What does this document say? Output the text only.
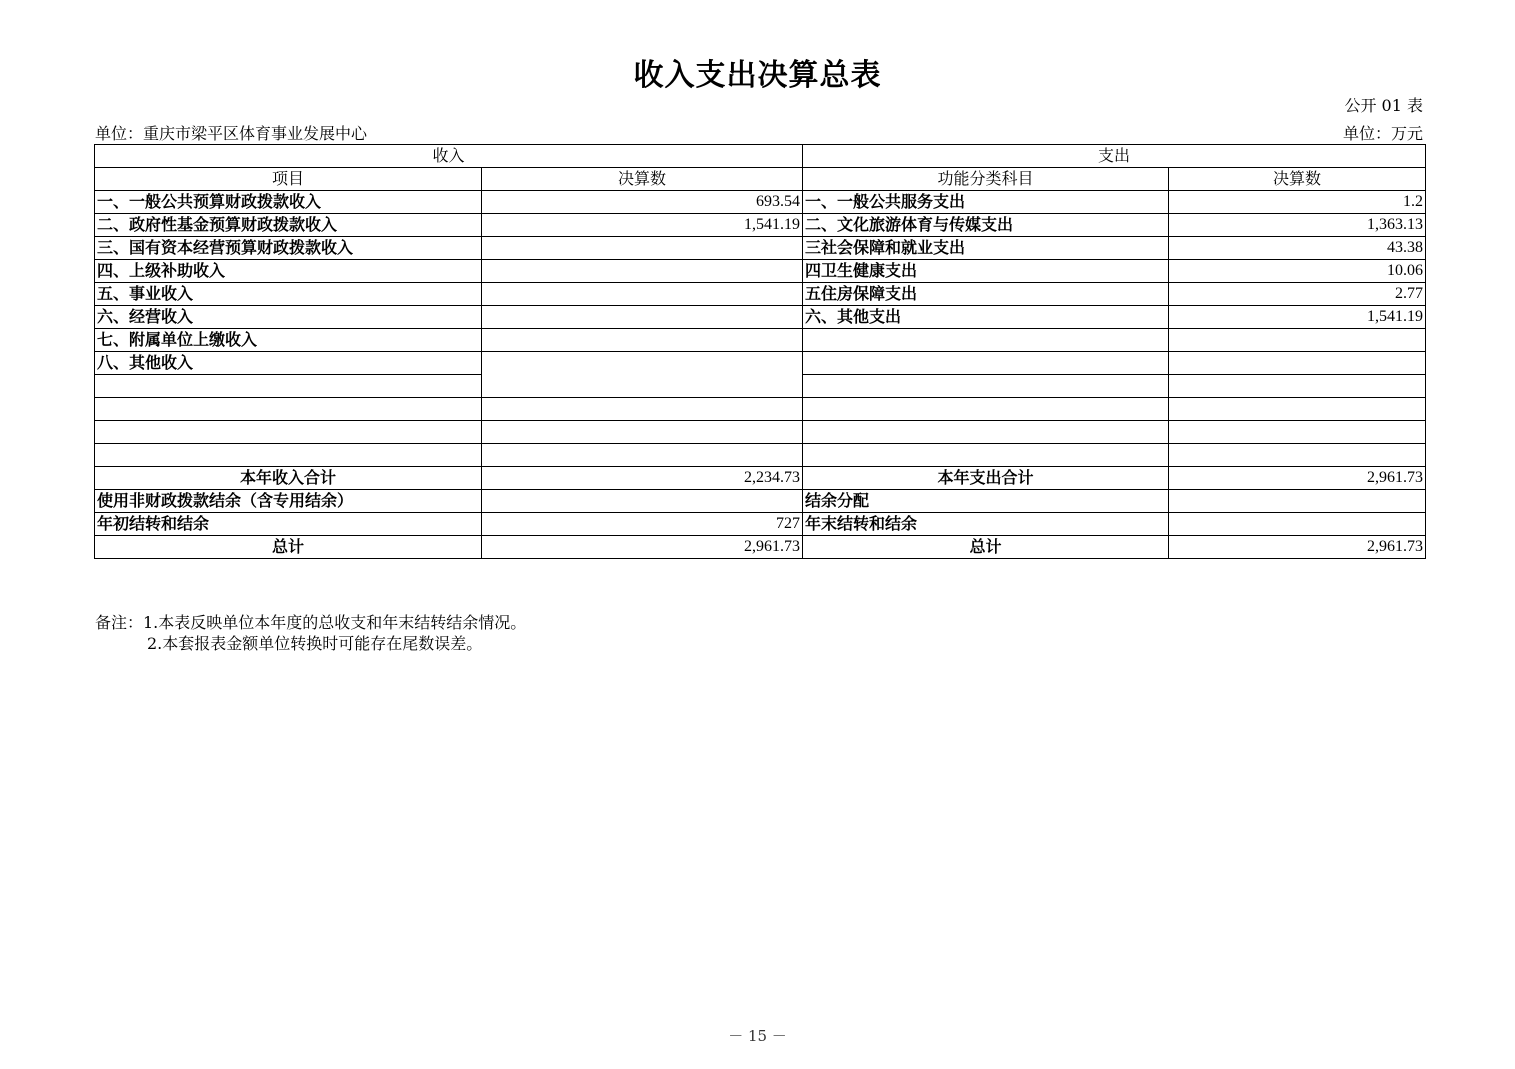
收入支出决算总表
公开 01 表
单位：重庆市梁平区体育事业发展中心	单位：万元
收入		支出	
项目	决算数	功能分类科目	决算数
一、一般公共预算财政拨款收入	693.54	一、一般公共服务支出	1.2
二、政府性基金预算财政拨款收入	1,541.19	二、文化旅游体育与传媒支出	1,363.13
三、国有资本经营预算财政拨款收入		三社会保障和就业支出	43.38
四、上级补助收入		四卫生健康支出	10.06
五、事业收入		五住房保障支出	2.77
六、经营收入		六、其他支出	1,541.19
七、附属单位上缴收入			
八、其他收入			

本年收入合计	2,234.73	本年支出合计	2,961.73
使用非财政拨款结余（含专用结余）		结余分配	
年初结转和结余	727	年末结转和结余	
总计	2,961.73	总计	2,961.73
备注：1.本表反映单位本年度的总收支和年末结转结余情况。
2.本套报表金额单位转换时可能存在尾数误差。
－ 15 －
